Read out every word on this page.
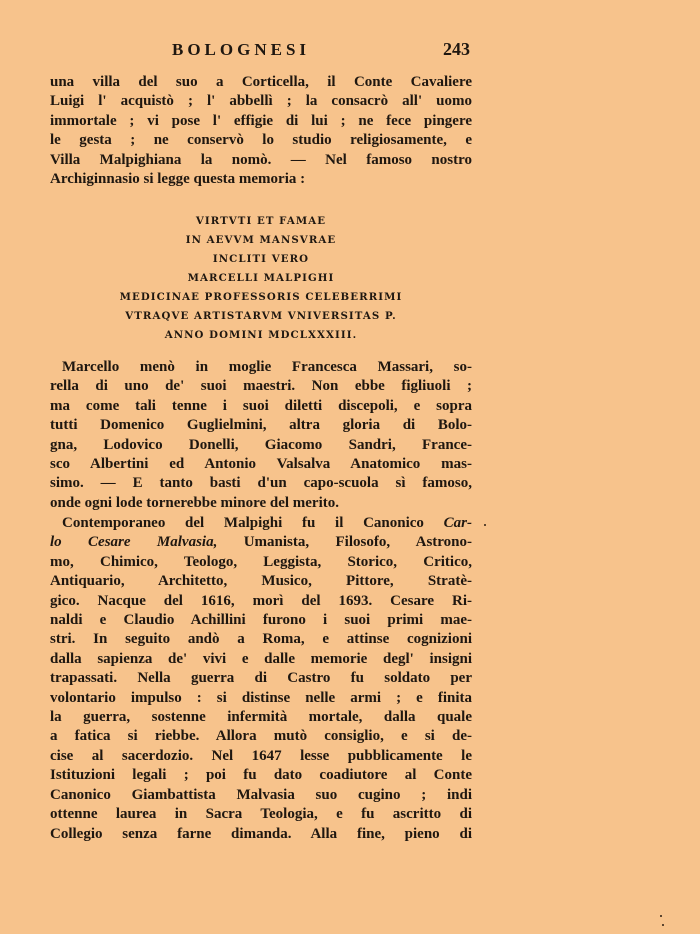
BOLOGNESI	243
una villa del suo a Corticella, il Conte Cavaliere
Luigi l' acquistò ; l' abbellì ; la consacrò all' uomo
immortale ; vi pose l' effigie di lui ; ne fece pingere
le gesta ; ne conservò lo studio religiosamente, e
Villa Malpighiana la nomò. — Nel famoso nostro
Archiginnasio si legge questa memoria :
VIRTVTI ET FAMAE
IN AEVVM MANSVRAE
INCLITI VERO
MARCELLI MALPIGHI
MEDICINAE PROFESSORIS CELEBERRIMI
VTRAQVE ARTISTARVM VNIVERSITAS P.
ANNO DOMINI MDCLXXXIII.
Marcello menò in moglie Francesca Massari, so-
rella di uno de' suoi maestri. Non ebbe figliuoli ;
ma come tali tenne i suoi diletti discepoli, e sopra
tutti Domenico Guglielmini, altra gloria di Bolo-
gna, Lodovico Donelli, Giacomo Sandri, France-
sco Albertini ed Antonio Valsalva Anatomico mas-
simo. — E tanto basti d'un capo-scuola sì famoso,
onde ogni lode tornerebbe minore del merito.
Contemporaneo del Malpighi fu il Canonico Car-
lo Cesare Malvasia, Umanista, Filosofo, Astrono-
mo, Chimico, Teologo, Leggista, Storico, Critico,
Antiquario, Architetto, Musico, Pittore, Stratè-
gico. Nacque del 1616, morì del 1693. Cesare Ri-
naldi e Claudio Achillini furono i suoi primi mae-
stri. In seguito andò a Roma, e attinse cognizioni
dalla sapienza de' vivi e dalle memorie degl' insigni
trapassati. Nella guerra di Castro fu soldato per
volontario impulso : si distinse nelle armi ; e finita
la guerra, sostenne infermità mortale, dalla quale
a fatica si riebbe. Allora mutò consiglio, e si de-
cise al sacerdozio. Nel 1647 lesse pubblicamente le
Istituzioni legali ; poi fu dato coadiutore al Conte
Canonico Giambattista Malvasia suo cugino ; indi
ottenne laurea in Sacra Teologia, e fu ascritto di
Collegio senza farne dimanda. Alla fine, pieno di
